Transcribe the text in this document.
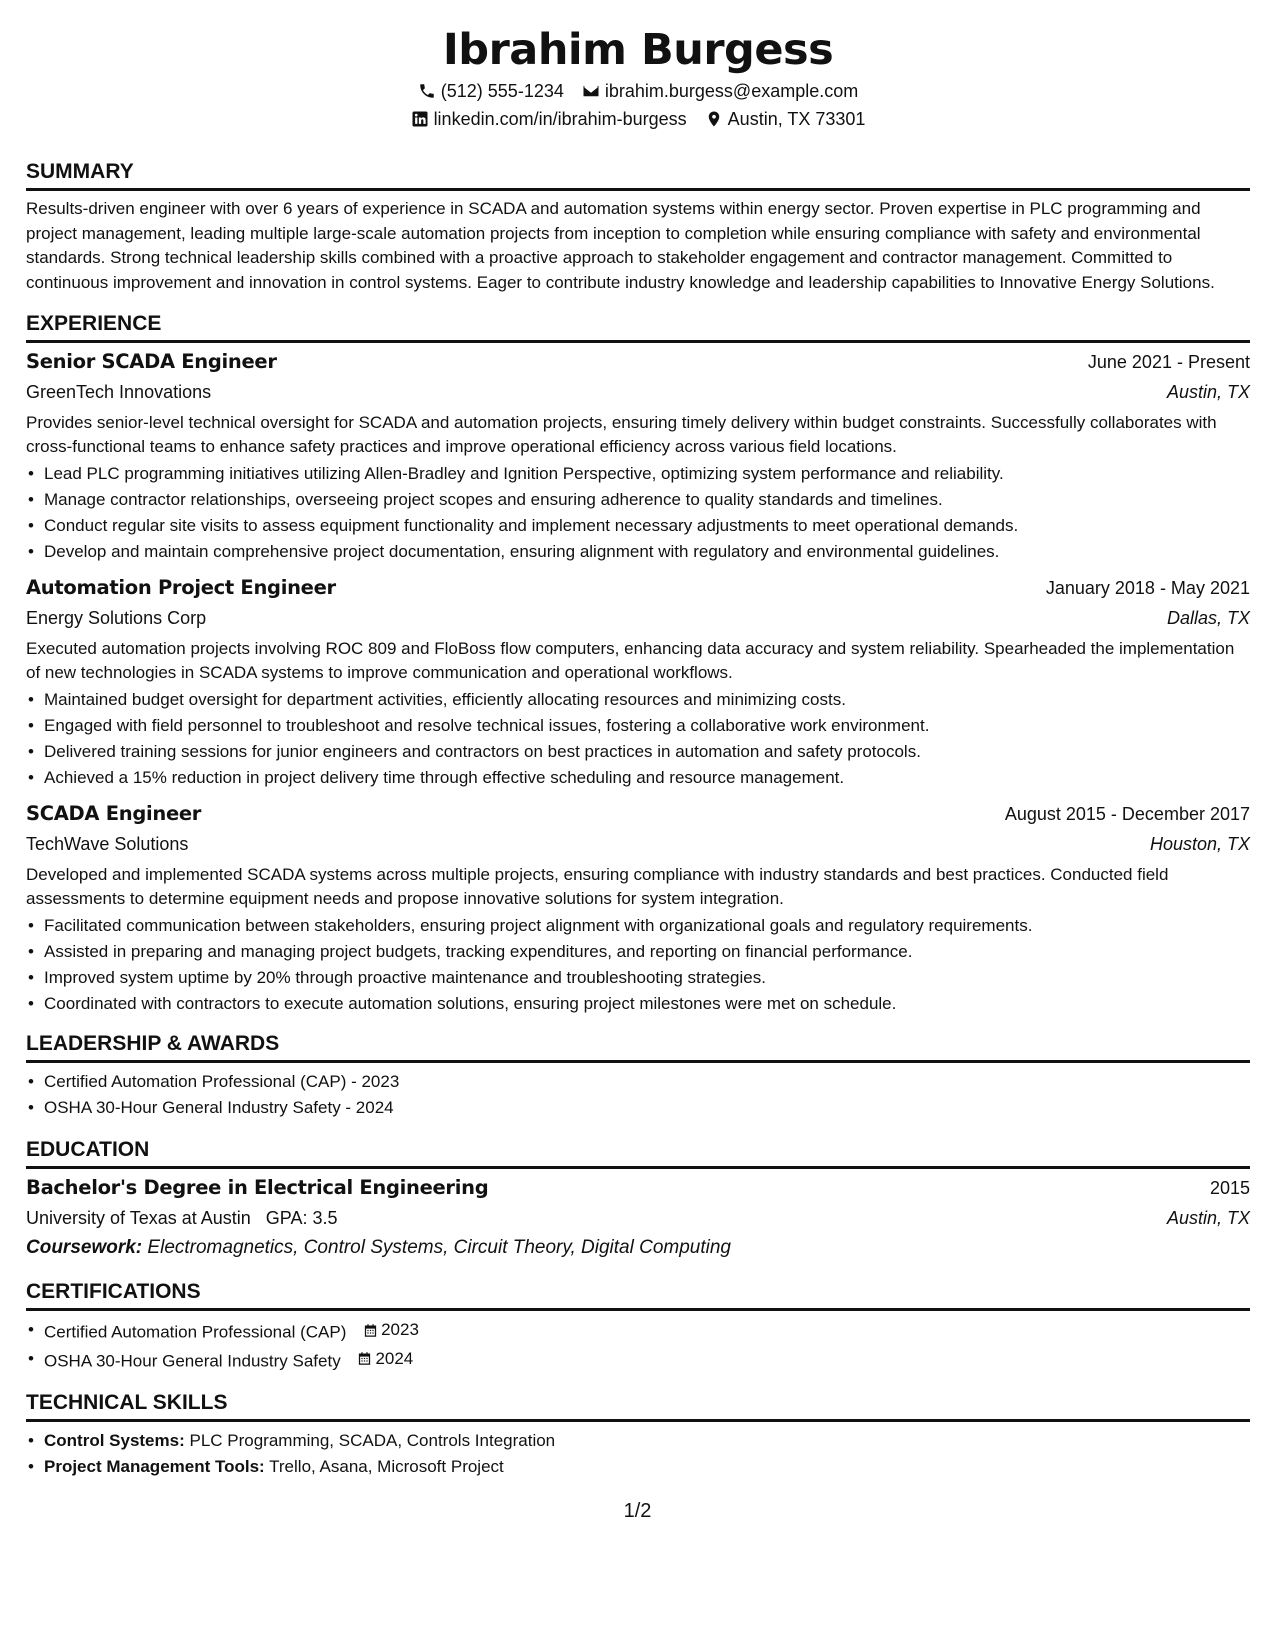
Ibrahim Burgess
(512) 555-1234 ibrahim.burgess@example.com
linkedin.com/in/ibrahim-burgess Austin, TX 73301
SUMMARY
Results-driven engineer with over 6 years of experience in SCADA and automation systems within energy sector. Proven expertise in PLC programming and project management, leading multiple large-scale automation projects from inception to completion while ensuring compliance with safety and environmental standards. Strong technical leadership skills combined with a proactive approach to stakeholder engagement and contractor management. Committed to continuous improvement and innovation in control systems. Eager to contribute industry knowledge and leadership capabilities to Innovative Energy Solutions.
EXPERIENCE
Senior SCADA Engineer	June 2021 - Present
GreenTech Innovations	Austin, TX
Provides senior-level technical oversight for SCADA and automation projects, ensuring timely delivery within budget constraints. Successfully collaborates with cross-functional teams to enhance safety practices and improve operational efficiency across various field locations.
• Lead PLC programming initiatives utilizing Allen-Bradley and Ignition Perspective, optimizing system performance and reliability.
• Manage contractor relationships, overseeing project scopes and ensuring adherence to quality standards and timelines.
• Conduct regular site visits to assess equipment functionality and implement necessary adjustments to meet operational demands.
• Develop and maintain comprehensive project documentation, ensuring alignment with regulatory and environmental guidelines.
Automation Project Engineer	January 2018 - May 2021
Energy Solutions Corp	Dallas, TX
Executed automation projects involving ROC 809 and FloBoss flow computers, enhancing data accuracy and system reliability. Spearheaded the implementation of new technologies in SCADA systems to improve communication and operational workflows.
• Maintained budget oversight for department activities, efficiently allocating resources and minimizing costs.
• Engaged with field personnel to troubleshoot and resolve technical issues, fostering a collaborative work environment.
• Delivered training sessions for junior engineers and contractors on best practices in automation and safety protocols.
• Achieved a 15% reduction in project delivery time through effective scheduling and resource management.
SCADA Engineer	August 2015 - December 2017
TechWave Solutions	Houston, TX
Developed and implemented SCADA systems across multiple projects, ensuring compliance with industry standards and best practices. Conducted field assessments to determine equipment needs and propose innovative solutions for system integration.
• Facilitated communication between stakeholders, ensuring project alignment with organizational goals and regulatory requirements.
• Assisted in preparing and managing project budgets, tracking expenditures, and reporting on financial performance.
• Improved system uptime by 20% through proactive maintenance and troubleshooting strategies.
• Coordinated with contractors to execute automation solutions, ensuring project milestones were met on schedule.
LEADERSHIP & AWARDS
• Certified Automation Professional (CAP) - 2023
• OSHA 30-Hour General Industry Safety - 2024
EDUCATION
Bachelor's Degree in Electrical Engineering	2015
University of Texas at Austin GPA: 3.5	Austin, TX
Coursework: Electromagnetics, Control Systems, Circuit Theory, Digital Computing
CERTIFICATIONS
• Certified Automation Professional (CAP) 2023
• OSHA 30-Hour General Industry Safety 2024
TECHNICAL SKILLS
• Control Systems: PLC Programming, SCADA, Controls Integration
• Project Management Tools: Trello, Asana, Microsoft Project
1/2
